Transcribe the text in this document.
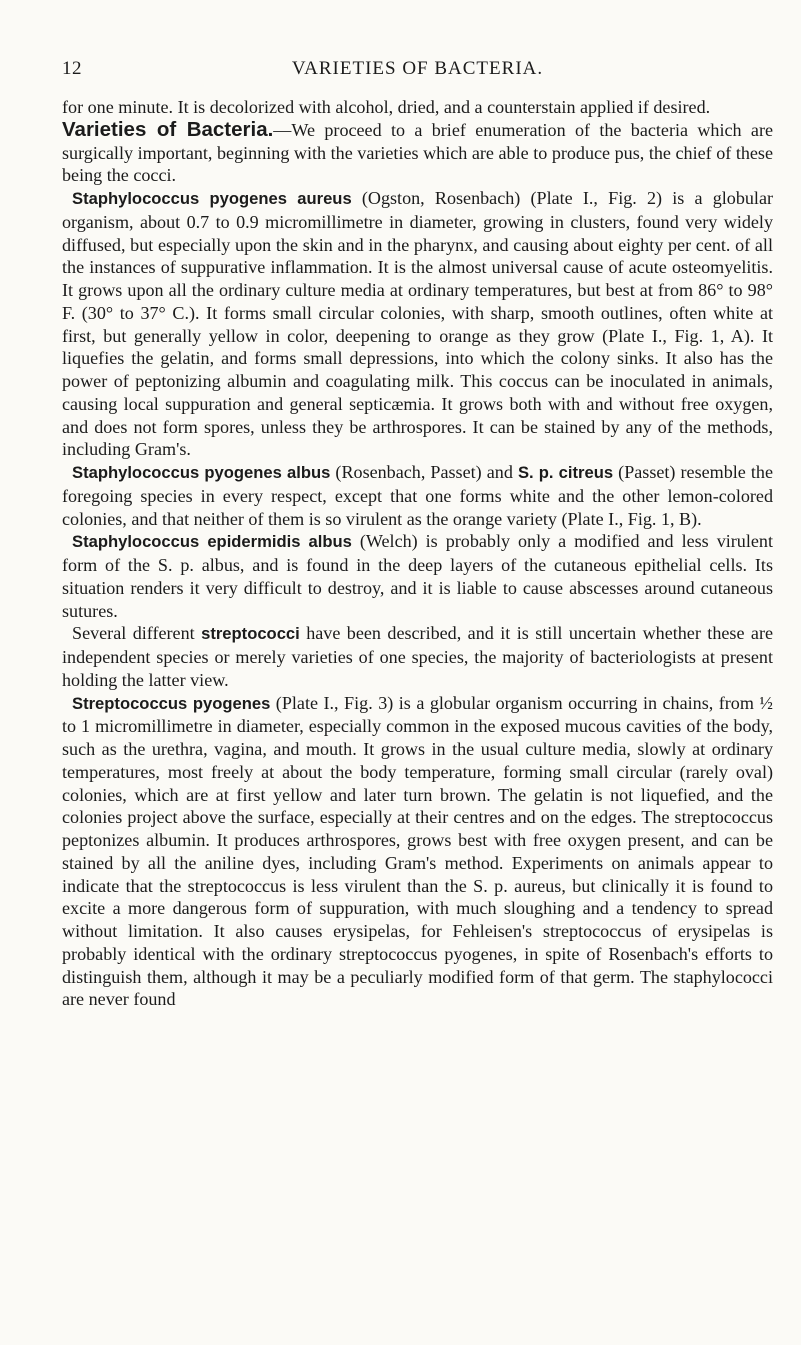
12	VARIETIES OF BACTERIA.

for one minute. It is decolorized with alcohol, dried, and a counterstain applied if desired.

Varieties of Bacteria.—We proceed to a brief enumeration of the bacteria which are surgically important, beginning with the varieties which are able to produce pus, the chief of these being the cocci.

Staphylococcus pyogenes aureus (Ogston, Rosenbach) (Plate I., Fig. 2) is a globular organism, about 0.7 to 0.9 micromillimetre in diameter, growing in clusters, found very widely diffused, but especially upon the skin and in the pharynx, and causing about eighty per cent. of all the instances of suppurative inflammation. It is the almost universal cause of acute osteomyelitis. It grows upon all the ordinary culture media at ordinary temperatures, but best at from 86° to 98° F. (30° to 37° C.). It forms small circular colonies, with sharp, smooth outlines, often white at first, but generally yellow in color, deepening to orange as they grow (Plate I., Fig. 1, A). It liquefies the gelatin, and forms small depressions, into which the colony sinks. It also has the power of peptonizing albumin and coagulating milk. This coccus can be inoculated in animals, causing local suppuration and general septicæmia. It grows both with and without free oxygen, and does not form spores, unless they be arthrospores. It can be stained by any of the methods, including Gram's.

Staphylococcus pyogenes albus (Rosenbach, Passet) and S. p. citreus (Passet) resemble the foregoing species in every respect, except that one forms white and the other lemon-colored colonies, and that neither of them is so virulent as the orange variety (Plate I., Fig. 1, B).

Staphylococcus epidermidis albus (Welch) is probably only a modified and less virulent form of the S. p. albus, and is found in the deep layers of the cutaneous epithelial cells. Its situation renders it very difficult to destroy, and it is liable to cause abscesses around cutaneous sutures.

Several different streptococci have been described, and it is still uncertain whether these are independent species or merely varieties of one species, the majority of bacteriologists at present holding the latter view.

Streptococcus pyogenes (Plate I., Fig. 3) is a globular organism occurring in chains, from ½ to 1 micromillimetre in diameter, especially common in the exposed mucous cavities of the body, such as the urethra, vagina, and mouth. It grows in the usual culture media, slowly at ordinary temperatures, most freely at about the body temperature, forming small circular (rarely oval) colonies, which are at first yellow and later turn brown. The gelatin is not liquefied, and the colonies project above the surface, especially at their centres and on the edges. The streptococcus peptonizes albumin. It produces arthrospores, grows best with free oxygen present, and can be stained by all the aniline dyes, including Gram's method. Experiments on animals appear to indicate that the streptococcus is less virulent than the S. p. aureus, but clinically it is found to excite a more dangerous form of suppuration, with much sloughing and a tendency to spread without limitation. It also causes erysipelas, for Fehleisen's streptococcus of erysipelas is probably identical with the ordinary streptococcus pyogenes, in spite of Rosenbach's efforts to distinguish them, although it may be a peculiarly modified form of that germ. The staphylococci are never found
